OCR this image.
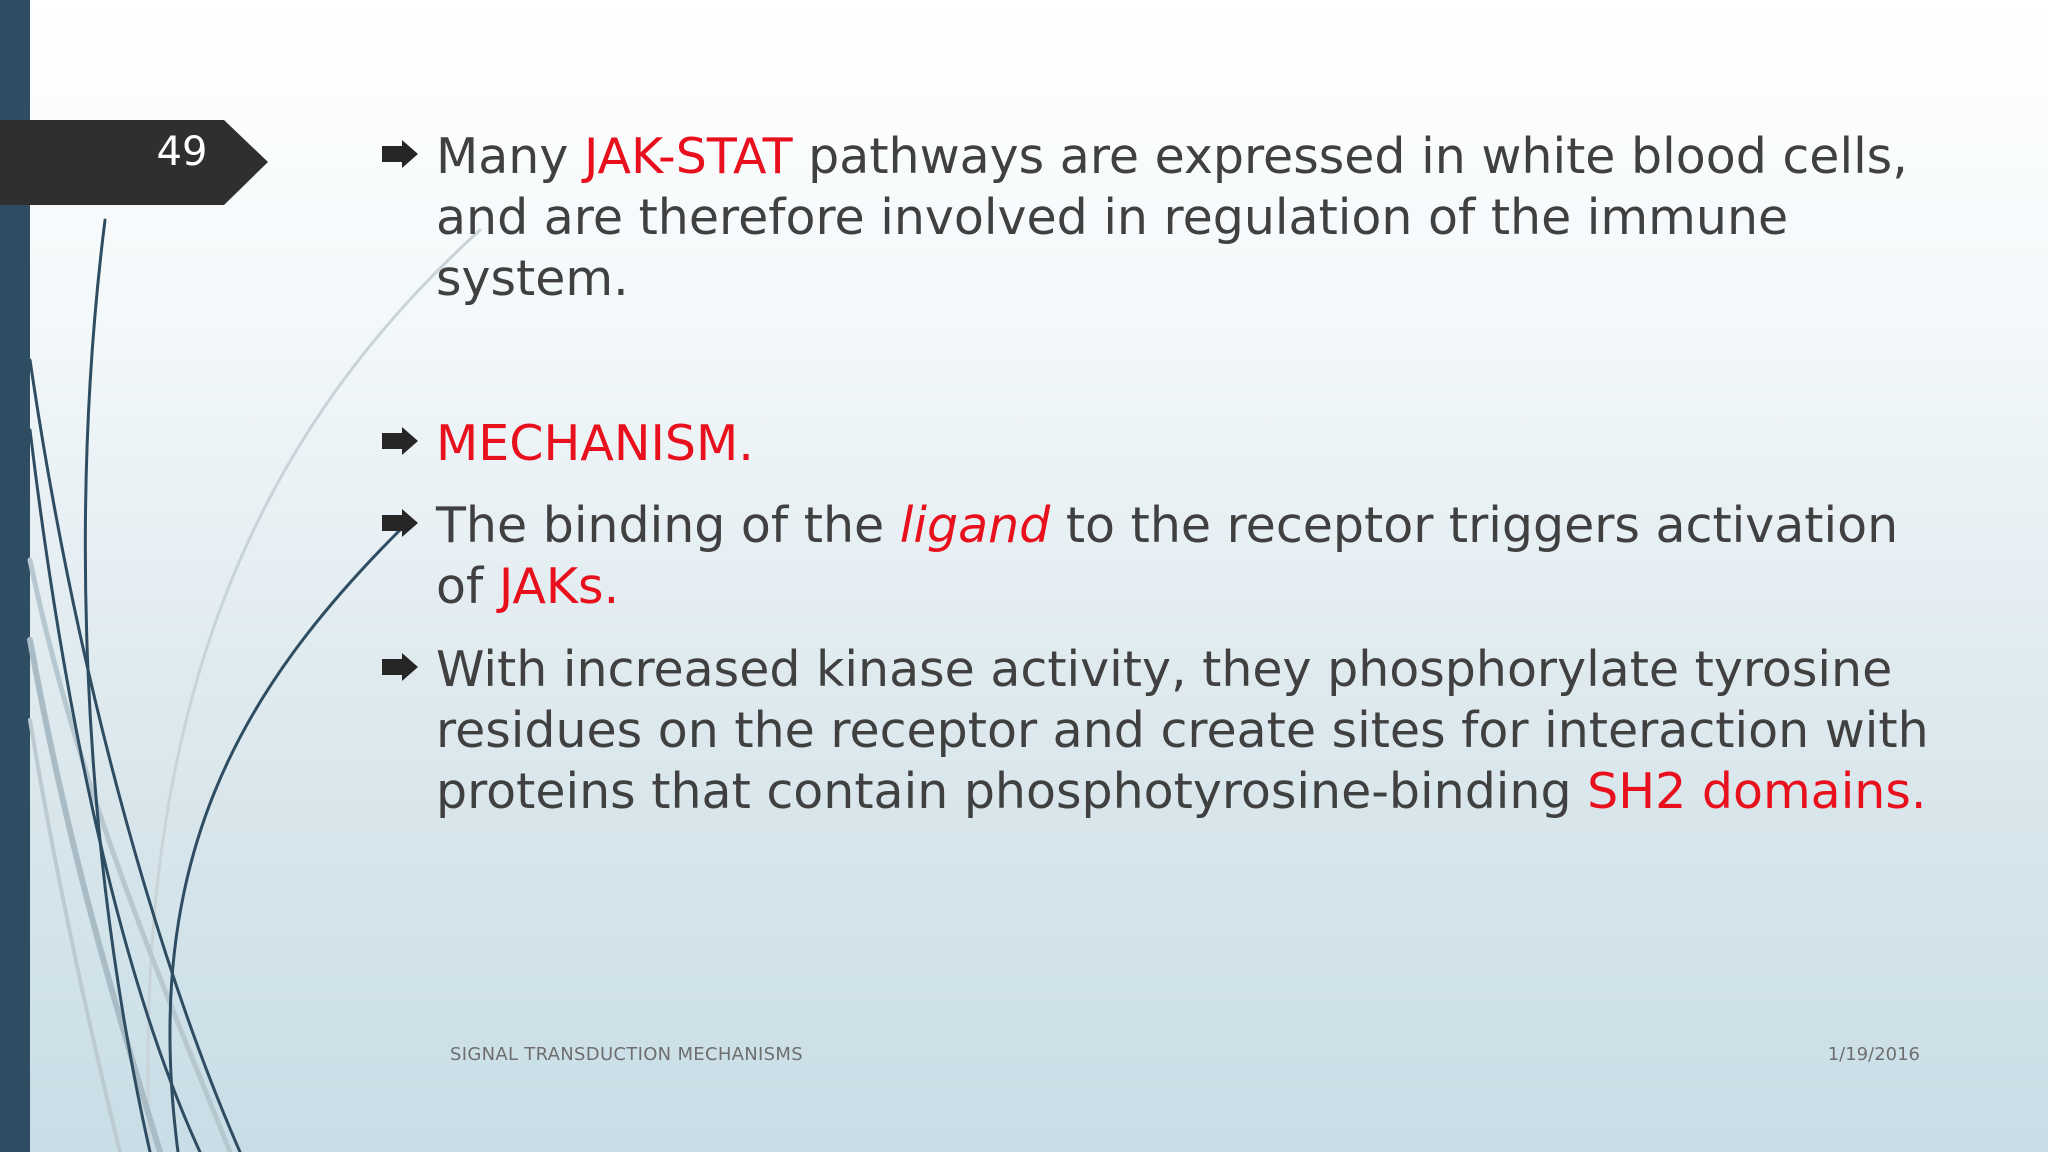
49	Many JAK-STAT pathways are expressed in white blood cells, and are therefore involved in regulation of the immune system.
MECHANISM.
The binding of the ligand to the receptor triggers activation of JAKs.
With increased kinase activity, they phosphorylate tyrosine residues on the receptor and create sites for interaction with proteins that contain phosphotyrosine-binding SH2 domains.
SIGNAL TRANSDUCTION MECHANISMS	1/19/2016
